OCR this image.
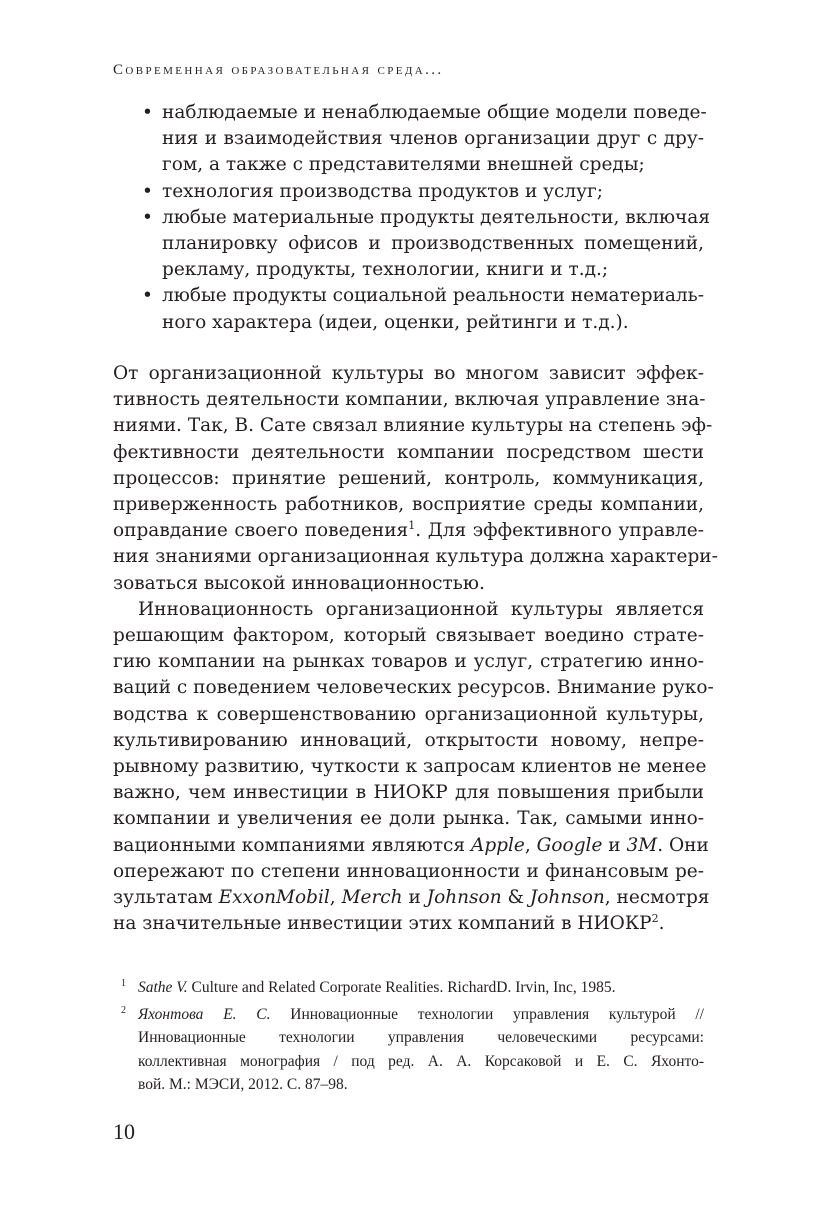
Современная образовательная среда...
• наблюдаемые и ненаблюдаемые общие модели поведе-
ния и взаимодействия членов организации друг с дру-
гом, а также с представителями внешней среды;
• технология производства продуктов и услуг;
• любые материальные продукты деятельности, включая
планировку офисов и производственных помещений,
рекламу, продукты, технологии, книги и т.д.;
• любые продукты социальной реальности нематериаль-
ного характера (идеи, оценки, рейтинги и т.д.).
От организационной культуры во многом зависит эффек-
тивность деятельности компании, включая управление зна-
ниями. Так, В. Сате связал влияние культуры на степень эф-
фективности деятельности компании посредством шести
процессов: принятие решений, контроль, коммуникация,
приверженность работников, восприятие среды компании,
оправдание своего поведения$^1$. Для эффективного управле-
ния знаниями организационная культура должна характери-
зоваться высокой инновационностью.
Инновационность организационной культуры является
решающим фактором, который связывает воедино страте-
гию компании на рынках товаров и услуг, стратегию инно-
ваций с поведением человеческих ресурсов. Внимание руко-
водства к совершенствованию организационной культуры,
культивированию инноваций, открытости новому, непре-
рывному развитию, чуткости к запросам клиентов не менее
важно, чем инвестиции в НИОКР для повышения прибыли
компании и увеличения ее доли рынка. Так, самыми инно-
вационными компаниями являются Apple, Google и 3M. Они
опережают по степени инновационности и финансовым ре-
зультатам ExxonMobil, Merch и Johnson & Johnson, несмотря
на значительные инвестиции этих компаний в НИОКР$^2$.
1 Sathe V. Culture and Related Corporate Realities. RichardD. Irvin, Inc, 1985.
2 Яхонтова Е. С. Инновационные технологии управления культурой //
Инновационные технологии управления человеческими ресурсами:
коллективная монография / под ред. А. А. Корсаковой и Е. С. Яхонто-
вой. М.: МЭСИ, 2012. С. 87–98.
10
